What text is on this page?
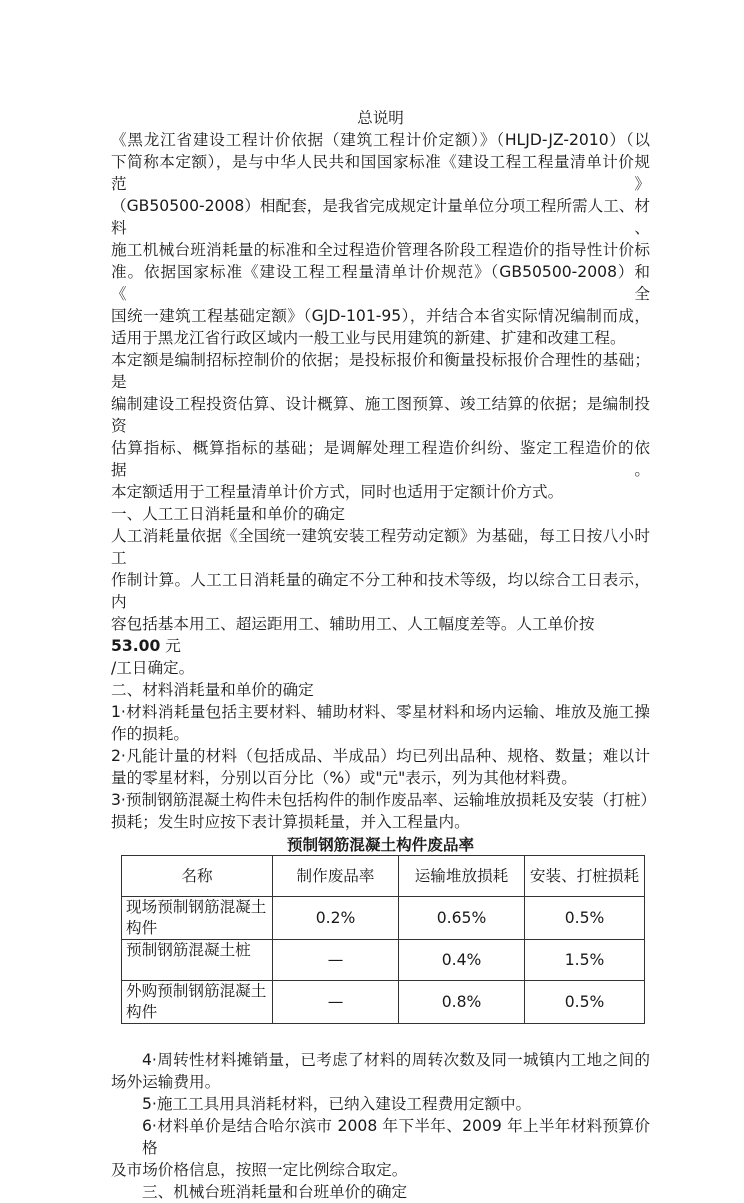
总说明
《黑龙江省建设工程计价依据（建筑工程计价定额）》（HLJD-JZ-2010）（以
下简称本定额），是与中华人民共和国国家标准《建设工程工程量清单计价规范》
（GB50500-2008）相配套，是我省完成规定计量单位分项工程所需人工、材料、
施工机械台班消耗量的标准和全过程造价管理各阶段工程造价的指导性计价标
准。依据国家标准《建设工程工程量清单计价规范》（GB50500-2008）和《全
国统一建筑工程基础定额》（GJD-101-95），并结合本省实际情况编制而成，
适用于黑龙江省行政区域内一般工业与民用建筑的新建、扩建和改建工程。
本定额是编制招标控制价的依据；是投标报价和衡量投标报价合理性的基础；是
编制建设工程投资估算、设计概算、施工图预算、竣工结算的依据；是编制投资
估算指标、概算指标的基础；是调解处理工程造价纠纷、鉴定工程造价的依据。
本定额适用于工程量清单计价方式，同时也适用于定额计价方式。
一、人工工日消耗量和单价的确定
人工消耗量依据《全国统一建筑安装工程劳动定额》为基础，每工日按八小时工
作制计算。人工工日消耗量的确定不分工种和技术等级，均以综合工日表示，内
容包括基本用工、超运距用工、辅助用工、人工幅度差等。人工单价按
53.00 元
/工日确定。
二、材料消耗量和单价的确定
1·材料消耗量包括主要材料、辅助材料、零星材料和场内运输、堆放及施工操
作的损耗。
2·凡能计量的材料（包括成品、半成品）均已列出品种、规格、数量；难以计
量的零星材料，分别以百分比（%）或"元"表示，列为其他材料费。
3·预制钢筋混凝土构件未包括构件的制作废品率、运输堆放损耗及安装（打桩）
损耗；发生时应按下表计算损耗量，并入工程量内。
预制钢筋混凝土构件废品率
名称	制作废品率	运输堆放损耗	安装、打桩损耗
现场预制钢筋混凝土构件	0.2%	0.65%	0.5%
预制钢筋混凝土桩	—	0.4%	1.5%
外购预制钢筋混凝土构件	—	0.8%	0.5%
4·周转性材料摊销量，已考虑了材料的周转次数及同一城镇内工地之间的
场外运输费用。
5·施工工具用具消耗材料，已纳入建设工程费用定额中。
6·材料单价是结合哈尔滨市 2008 年下半年、2009 年上半年材料预算价格
及市场价格信息，按照一定比例综合取定。
三、机械台班消耗量和台班单价的确定
